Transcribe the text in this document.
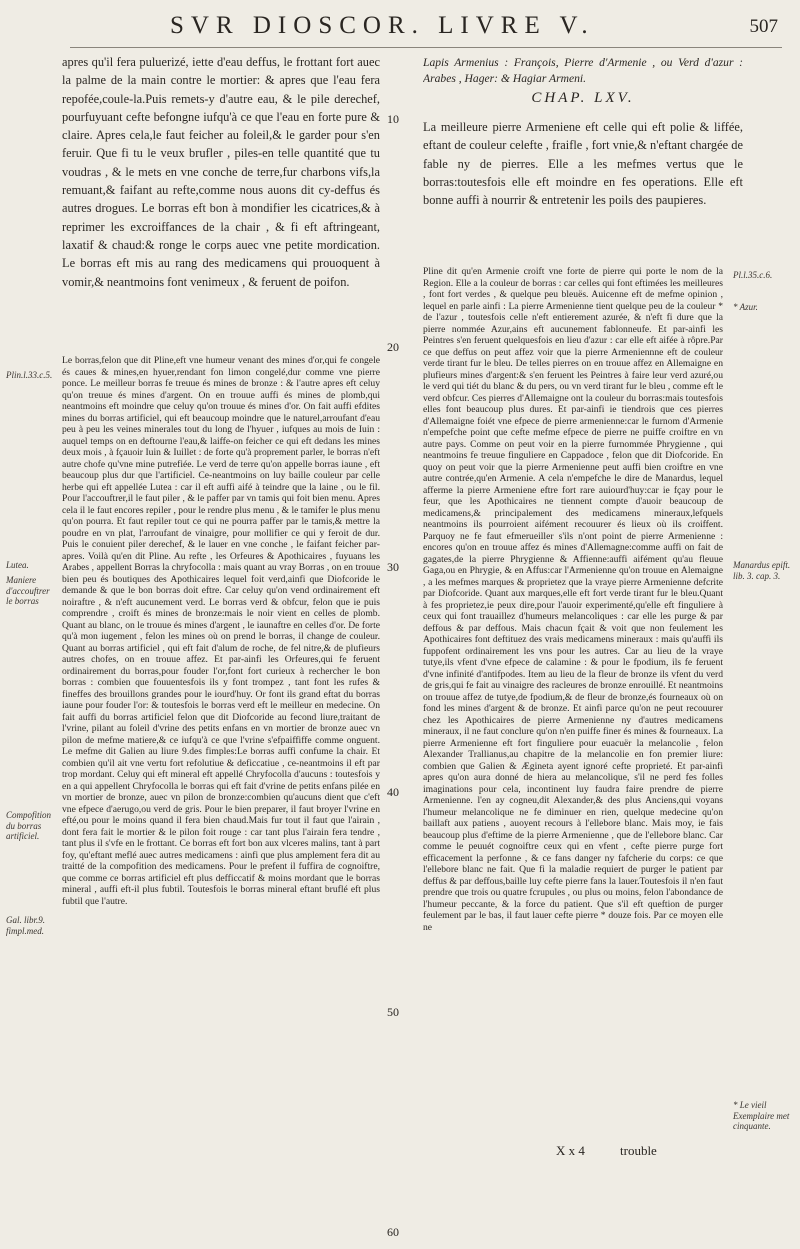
SVR DIOSCOR. LIVRE V.	507

apres qu'il fera puluerizé, iette d'eau deffus, le frottant fort auec la palme de la main contre le mortier: & apres que l'eau fera repofée,coule-la.Puis remets-y d'autre eau, & le pile derechef, pourfuyuant cefte befongne iufqu'à ce que l'eau en forte pure & claire. Apres cela,le faut feicher au foleil,& le garder pour s'en feruir. Que fi tu le veux brufler , piles-en telle quantité que tu voudras , & le mets en vne conche de terre,fur charbons vifs,la remuant,& faifant au refte,comme nous auons dit cy-deffus és autres drogues. Le borras eft bon à mondifier les cicatrices,& à reprimer les excroiffances de la chair , & fi eft aftringeant, laxatif & chaud:& ronge le corps auec vne petite mordication. Le borras eft mis au rang des medicamens qui prouoquent à vomir,& neantmoins font venimeux , & feruent de poifon.

Le borras,felon que dit Pline,eft vne humeur venant des mines d'or,qui fe congele és caues & mines,en hyuer,rendant fon limon congelé,dur comme vne pierre ponce. Le meilleur borras fe treuue és mines de bronze : & l'autre apres eft celuy qu'on treuue és mines d'argent. On en trouue auffi és mines de plomb,qui neantmoins eft moindre que celuy qu'on trouue és mines d'or. On fait auffi efdites mines du borras artificiel, qui eft beaucoup moindre que le naturel,arroufant d'eau peu à peu les veines minerales tout du long de l'hyuer , iufques au mois de Iuin : auquel temps on en deftourne l'eau,& laiffe-on feicher ce qui eft dedans les mines deux mois , à fçauoir Iuin & Iuillet : de forte qu'à proprement parler, le borras n'eft autre chofe qu'vne mine putrefiée. Le verd de terre qu'on appelle borras iaune , eft beaucoup plus dur que l'artificiel. Ce-neantmoins on luy baille couleur par celle herbe qui eft appellée Lutea : car il eft auffi aifé à teindre que la laine , ou le fil. Pour l'accouftrer,il le faut piler , & le paffer par vn tamis qui foit bien menu. Apres cela il le faut encores repiler , pour le rendre plus menu , & le tamifer le plus menu qu'on pourra. Et faut repiler tout ce qui ne pourra paffer par le tamis,& mettre la poudre en vn plat, l'arroufant de vinaigre, pour mollifier ce qui y feroit de dur. Puis le conuient piler derechef, & le lauer en vne conche , le faifant feicher par-apres. Voilà qu'en dit Pline. Au refte , les Orfeures & Apothicaires , fuyuans les Arabes , appellent Borras la chryfocolla : mais quant au vray Borras , on en trouue bien peu és boutiques des Apothicaires lequel foit verd,ainfi que Diofcoride le demande & que le bon borras doit eftre. Car celuy qu'on vend ordinairement eft noiraftre , & n'eft aucunement verd. Le borras verd & obfcur, felon que ie puis comprendre , croift és mines de bronze:mais le noir vient en celles de plomb. Quant au blanc, on le trouue és mines d'argent , le iaunaftre en celles d'or. De forte qu'à mon iugement , felon les mines où on prend le borras, il change de couleur. Quant au borras artificiel , qui eft fait d'alum de roche, de fel nitre,& de plufieurs autres chofes, on en trouue affez. Et par-ainfi les Orfeures,qui fe feruent ordinairement du borras,pour fouder l'or,font fort curieux à rechercher le bon borras : combien que fouuentesfois ils y font trompez , tant font les rufes & fineffes des brouillons grandes pour le iourd'huy. Or font ils grand eftat du borras iaune pour fouder l'or: & toutesfois le borras verd eft le meilleur en medecine. On fait auffi du borras artificiel felon que dit Diofcoride au fecond liure,traitant de l'vrine, pilant au foleil d'vrine des petits enfans en vn mortier de bronze auec vn pilon de mefme matiere,& ce iufqu'à ce que l'vrine s'efpaiffiffe comme onguent. Le mefme dit Galien au liure 9.des fimples:Le borras auffi confume la chair. Et combien qu'il ait vne vertu fort refolutiue & deficcatiue , ce-neantmoins il eft par trop mordant. Celuy qui eft mineral eft appellé Chryfocolla d'aucuns : toutesfois y en a qui appellent Chryfocolla le borras qui eft fait d'vrine de petits enfans pilée en vn mortier de bronze, auec vn pilon de bronze:combien qu'aucuns dient que c'eft vne efpece d'aerugo,ou verd de gris. Pour le bien preparer, il faut broyer l'vrine en efté,ou pour le moins quand il fera bien chaud.Mais fur tout il faut que l'airain , dont fera fait le mortier & le pilon foit rouge : car tant plus l'airain fera tendre , tant plus il s'vfe en le frottant. Ce borras eft fort bon aux vlceres malins, tant à part foy, qu'eftant meflé auec autres medicamens : ainfi que plus amplement fera dit au traitté de la compofition des medicamens. Pour le prefent il fuffira de cognoiftre, que comme ce borras artificiel eft plus defficcatif & moins mordant que le borras mineral , auffi eft-il plus fubtil. Toutesfois le borras mineral eftant bruflé eft plus fubtil que l'autre.

Lapis Armenius : François, Pierre d'Armenie , ou Verd d'azur : Arabes , Hager: & Hagiar Armeni.
CHAP. LXV.

La meilleure pierre Armeniene eft celle qui eft polie & liffée, eftant de couleur celefte , fraifle , fort vnie,& n'eftant chargée de fable ny de pierres. Elle a les mefmes vertus que le borras:toutesfois elle eft moindre en fes operations. Elle eft bonne auffi à nourrir & entretenir les poils des paupieres.

Pline dit qu'en Armenie croift vne forte de pierre qui porte le nom de la Region. Elle a la couleur de borras : car celles qui font eftimées les meilleures , font fort verdes , & quelque peu bleuës. Auicenne eft de mefme opinion , lequel en parle ainfi : La pierre Armenienne tient quelque peu de la couleur * de l'azur , toutesfois celle n'eft entierement azurée, & n'eft fi dure que la pierre nommée Azur,ains eft aucunement fablonneufe. Et par-ainfi les Peintres s'en feruent quelquesfois en lieu d'azur : car elle eft aifée à rôpre.Par ce que deffus on peut affez voir que la pierre Armeniennne eft de couleur verde tirant fur le bleu. De telles pierres on en trouue affez en Allemaigne en plufieurs mines d'argent:& s'en feruent les Peintres à faire leur verd azuré,ou le verd qui tiét du blanc & du pers, ou vn verd tirant fur le bleu , comme eft le verd obfcur. Ces pierres d'Allemaigne ont la couleur du borras:mais toutesfois elles font beaucoup plus dures. Et par-ainfi ie tiendrois que ces pierres d'Allemaigne foiét vne efpece de pierre armenienne:car le furnom d'Armenie n'empefche point que cefte mefme efpece de pierre ne puiffe croiftre en vn autre pays. Comme on peut voir en la pierre furnommée Phrygienne , qui neantmoins fe treuue finguliere en Cappadoce , felon que dit Diofcoride. En quoy on peut voir que la pierre Armenienne peut auffi bien croiftre en vne autre contrée,qu'en Armenie. A cela n'empefche le dire de Manardus, lequel afferme la pierre Armeniene eftre fort rare auiourd'huy:car ie fçay pour le feur, que les Apothicaires ne tiennent compte d'auoir beaucoup de medicamens,& principalement des medicamens mineraux,lefquels neantmoins ils pourroient aifément recouurer és lieux où ils croiffent. Parquoy ne fe faut efmerueiller s'ils n'ont point de pierre Armenienne : encores qu'on en trouue affez és mines d'Allemagne:comme auffi on fait de gagates,de la pierre Phrygienne & Affienne:auffi aifément qu'au fleuue Gaga,ou en Phrygie, & en Affus:car l'Armenienne qu'on trouue en Alemaigne , a les mefmes marques & proprietez que la vraye pierre Armenienne defcrite par Diofcoride. Quant aux marques,elle eft fort verde tirant fur le bleu.Quant à fes proprietez,ie peux dire,pour l'auoir experimenté,qu'elle eft finguliere à ceux qui font trauaillez d'humeurs melancoliques : car elle les purge & par deffous & par deffous. Mais chacun fçait & voit que non feulement les Apothicaires font deftituez des vrais medicamens mineraux : mais qu'auffi ils fuppofent ordinairement les vns pour les autres. Car au lieu de la vraye tutye,ils vfent d'vne efpece de calamine : & pour le fpodium, ils fe feruent d'vne infinité d'antifpodes. Item au lieu de la fleur de bronze ils vfent du verd de gris,qui fe fait au vinaigre des racleures de bronze enrouillé. Et neantmoins on trouue affez de tutye,de fpodium,& de fleur de bronze,és fourneaux où on fond les mines d'argent & de bronze. Et ainfi parce qu'on ne peut recouurer chez les Apothicaires de pierre Armenienne ny d'autres medicamens mineraux, il ne faut conclure qu'on n'en puiffe finer és mines & fourneaux. La pierre Armenienne eft fort finguliere pour euacuër la melancolie , felon Alexander Trallianus,au chapitre de la melancolie en fon premier liure: combien que Galien & Ægineta ayent ignoré cefte proprieté. Et par-ainfi apres qu'on aura donné de hiera au melancolique, s'il ne perd fes folles imaginations pour cela, incontinent luy faudra faire prendre de pierre Armenienne. l'en ay cogneu,dit Alexander,& des plus Anciens,qui voyans l'humeur melancolique ne fe diminuer en rien, quelque medecine qu'on baillaft aux patiens , auoyent recours à l'ellebore blanc. Mais moy, ie fais beaucoup plus d'eftime de la pierre Armenienne , que de l'ellebore blanc. Car comme le peuuét cognoiftre ceux qui en vfent , cefte pierre purge fort efficacement la perfonne , & ce fans danger ny fafcherie du corps: ce que l'ellebore blanc ne fait. Que fi la maladie requiert de purger le patient par deffus & par deffous,baille luy cefte pierre fans la lauer.Toutesfois il n'en faut prendre que trois ou quatre fcrupules , ou plus ou moins, felon l'abondance de l'humeur peccante, & la force du patient. Que s'il eft queftion de purger feulement par le bas, il faut lauer cefte pierre * douze fois. Par ce moyen elle ne

10
20
30
40
50
60
Plin.l.33.c.5.
Lutea.
Maniere d'accouftrer le borras
Compofition du borras artificiel.
Gal. libr.9. fimpl.med.
Pl.l.35.c.6.
* Azur.
Manardus epift. lib. 3. cap. 3.
* Le vieil Exemplaire met cinquante.
X x 4	trouble
